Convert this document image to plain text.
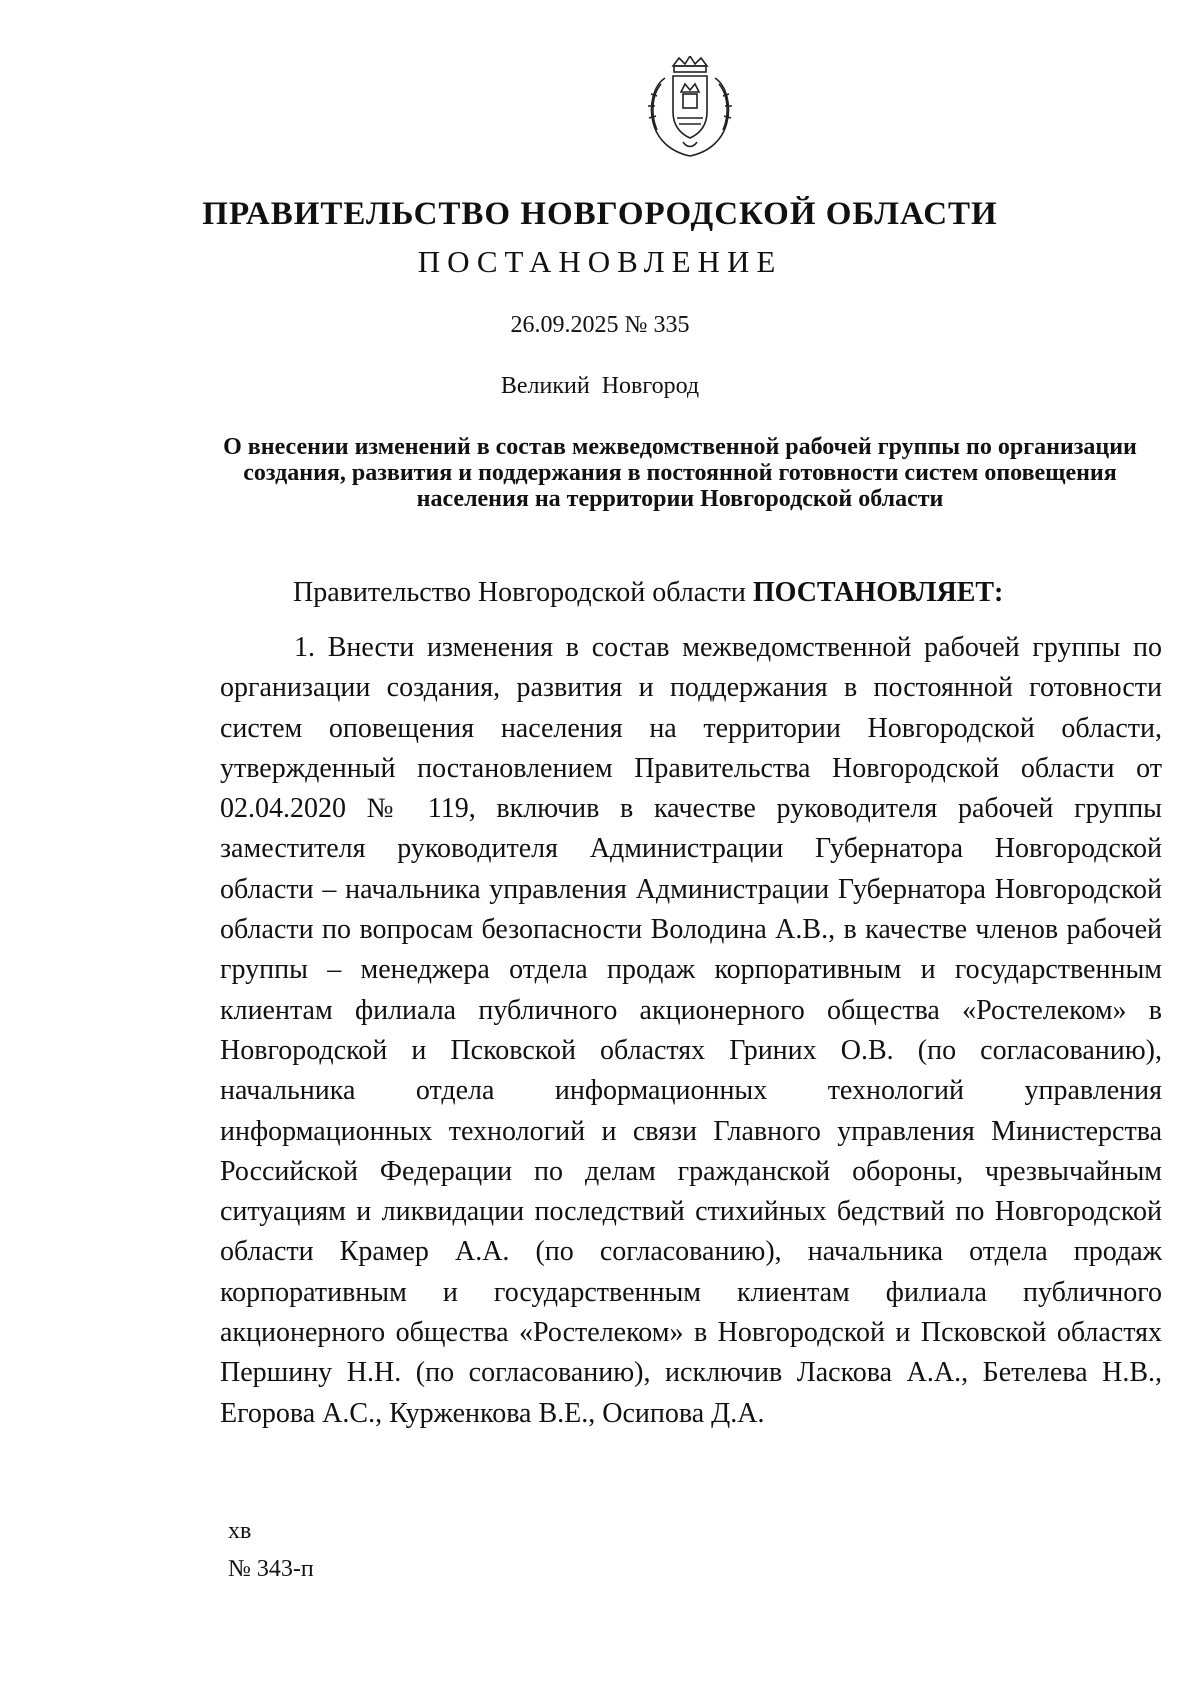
ПРАВИТЕЛЬСТВО НОВГОРОДСКОЙ ОБЛАСТИ
ПОСТАНОВЛЕНИЕ
26.09.2025 № 335
Великий  Новгород
О внесении изменений в состав межведомственной рабочей группы по организации создания, развития и поддержания в постоянной готовности систем оповещения населения на территории Новгородской области
Правительство Новгородской области ПОСТАНОВЛЯЕТ:
1. Внести изменения в состав межведомственной рабочей группы по организации создания, развития и поддержания в постоянной готовности систем оповещения населения на территории Новгородской области, утвержденный постановлением Правительства Новгородской области от 02.04.2020 № 119, включив в качестве руководителя рабочей группы заместителя руководителя Администрации Губернатора Новгородской области – начальника управления Администрации Губернатора Новгородской области по вопросам безопасности Володина А.В., в качестве членов рабочей группы – менеджера отдела продаж корпоративным и государственным клиентам филиала публичного акционерного общества «Ростелеком» в Новгородской и Псковской областях Гриних О.В. (по согласованию), начальника отдела информационных технологий управления информационных технологий и связи Главного управления Министерства Российской Федерации по делам гражданской обороны, чрезвычайным ситуациям и ликвидации последствий стихийных бедствий по Новгородской области Крамер А.А. (по согласованию), начальника отдела продаж корпоративным и государственным клиентам филиала публичного акционерного общества «Ростелеком» в Новгородской и Псковской областях Першину Н.Н. (по согласованию), исключив Ласкова А.А., Бетелева Н.В., Егорова А.С., Курженкова В.Е., Осипова Д.А.
хв
№ 343-п
